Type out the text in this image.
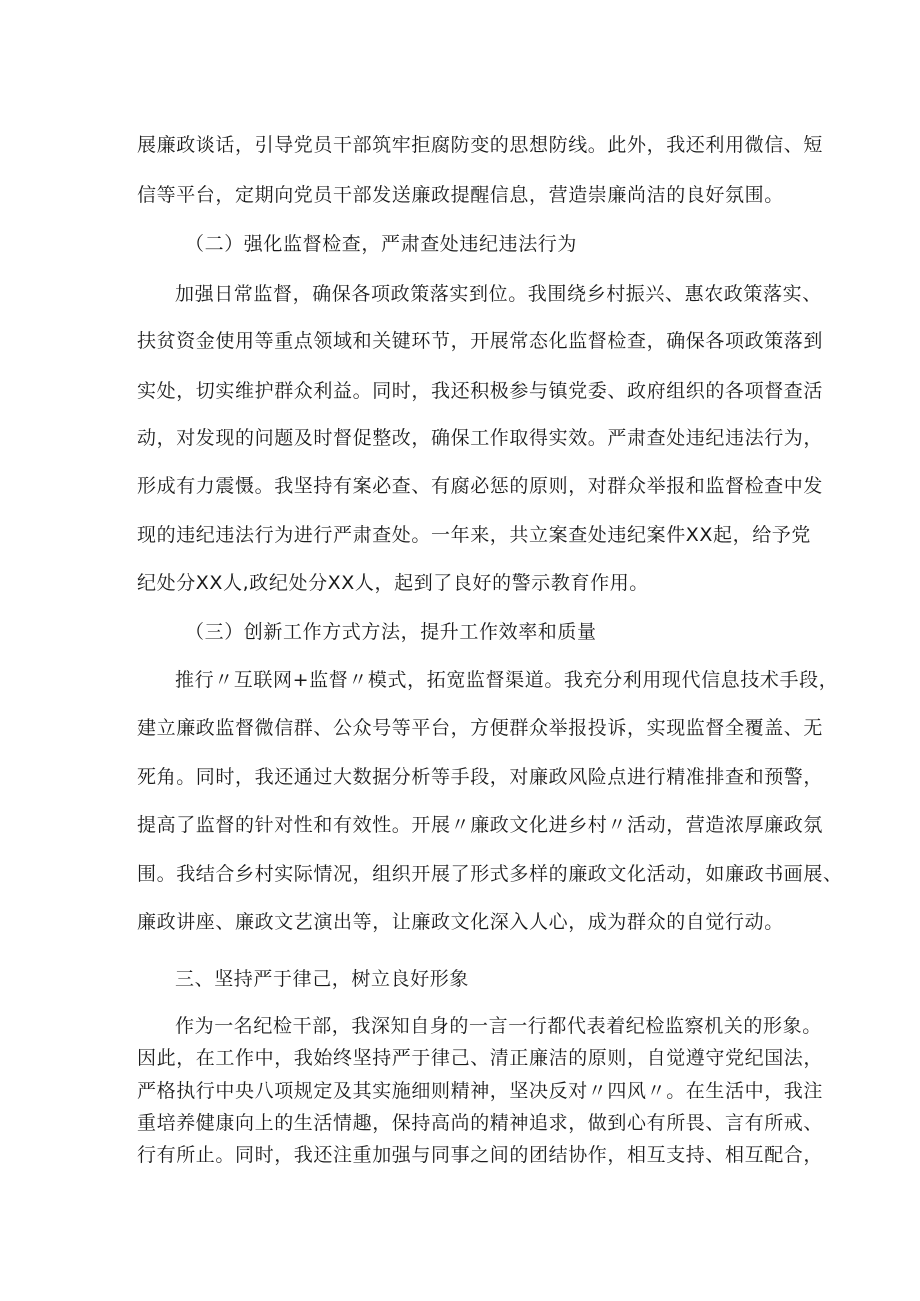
展廉政谈话，引导党员干部筑牢拒腐防变的思想防线。此外，我还利用微信、短
信等平台，定期向党员干部发送廉政提醒信息，营造崇廉尚洁的良好氛围。
（二）强化监督检查，严肃查处违纪违法行为
加强日常监督，确保各项政策落实到位。我围绕乡村振兴、惠农政策落实、
扶贫资金使用等重点领域和关键环节，开展常态化监督检查，确保各项政策落到
实处，切实维护群众利益。同时，我还积极参与镇党委、政府组织的各项督查活
动，对发现的问题及时督促整改，确保工作取得实效。严肃查处违纪违法行为，
形成有力震慑。我坚持有案必查、有腐必惩的原则，对群众举报和监督检查中发
现的违纪违法行为进行严肃查处。一年来，共立案查处违纪案件XX起，给予党
纪处分XX人,政纪处分XX人，起到了良好的警示教育作用。
（三）创新工作方式方法，提升工作效率和质量
推行〃互联网+监督〃模式，拓宽监督渠道。我充分利用现代信息技术手段，
建立廉政监督微信群、公众号等平台，方便群众举报投诉，实现监督全覆盖、无
死角。同时，我还通过大数据分析等手段，对廉政风险点进行精准排查和预警，
提高了监督的针对性和有效性。开展〃廉政文化进乡村〃活动，营造浓厚廉政氛
围。我结合乡村实际情况，组织开展了形式多样的廉政文化活动，如廉政书画展、
廉政讲座、廉政文艺演出等，让廉政文化深入人心，成为群众的自觉行动。
三、坚持严于律己，树立良好形象
作为一名纪检干部，我深知自身的一言一行都代表着纪检监察机关的形象。
因此，在工作中，我始终坚持严于律己、清正廉洁的原则，自觉遵守党纪国法，
严格执行中央八项规定及其实施细则精神，坚决反对〃四风〃。在生活中，我注
重培养健康向上的生活情趣，保持高尚的精神追求，做到心有所畏、言有所戒、
行有所止。同时，我还注重加强与同事之间的团结协作，相互支持、相互配合，
